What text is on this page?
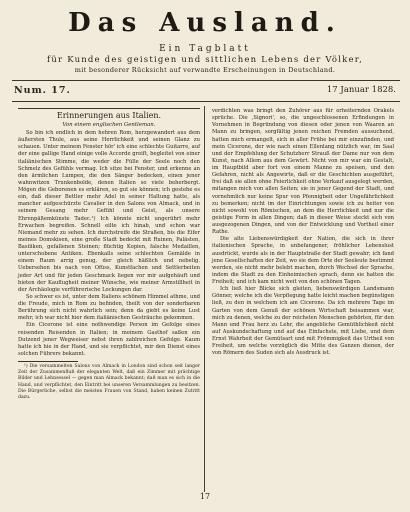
Das Ausland.
Ein Tagblatt
für Kunde des geistigen und sittlichen Lebens der Völker,
mit besonderer Rücksicht auf verwandte Erscheinungen in Deutschland.
Num. 17.	17 Januar 1828.
Erinnerungen aus Italien.
Von einem englischen Gentleman.

So bin ich endlich in dem hehren Rom, herzgewandert aus dem äußersten Thule, aus seine Herrlichkeit und seinen Glanz zu schauen. Unter meinem Fenster hör' ich eine schlechte Guitarre, auf der eine gallige Hand einige volle Accorde greift, begleitet von einer italiänischen Stimme, die weder die Fülle der Seele noch den Schmelz des Gefühls vermag. Ich sitze bei Fenster, und erkenne an den ärmlichen Lumpen, die den Sänger bedecken, einen jener wahnwitzen Trunkenbolde, denen Italien so viele beherbergt. Mögen die Geborenen es erklären, so gut sie können; ich gestehe es ein, daß dieser Bettler mehr Adel in seiner Haltung hatte, als mancher aufgeschürzte Cavalier in den Salons von Almack, und in seinem Gesang mehr Gefühl und Geist, als unsere Ehrenpäßemkünste Tadec.¹) Ich könnte nicht ungerührt mehr Erwachen begreifen. Schnell eilte ich hinab, und schon war Niemand mehr zu sehen. Ich durchstreife die Straßen, bis die Eifer meines Domskisen, eine große Stadt bedeckt mit Ruinen, Palästen, Basiliken, gefallenen Steinen; flüchtig Kopien, falsche Medaillen, unterschobene Antiken. Ebenkalls seine schlechten Gemälde in einem Raum arrig genug, der gleich häßlich und nebelig. Uebersehen bis nach von Ofüss, Kunstfachen und Settlerbeiten jeder Art und für jeden Geschmack liegen vor mir aufgehäuft und bieten der Kauflugheit meiner Wünsche, wie meiner Armstillheit in der Archäologie verführerische Lockungen dar.

So schwer es ist, unter dem Italiens schönem Himmel athme, und die Freude, mich in Rom zu befinden, theilt von der sonderbaren Berührung sich nicht wahrlich sein; denn da giebt es keine Lust mehr; ich war nicht hier dem italiänischen Gesträuche gekommen.

Ein Cicerone ist eine nothwendige Person im Gefolge eines reisenden Reisenden in Italien; in meinem Gasthof saßen ein Dutzend jener Wegweiser nebst ihren zahlreichen Gefolge. Kaum hatte ich hie in der Hand, und sie verpflichtet, mir den Dienst eines solchen Führers bekannt.

¹) Die versammelten Salons von Almack in London sind schon seit langer Zeit der Zusammenfluß der eleganten Welt, daß ein Zimmer mit prächtige Bilder und Lehnsessel — gegen man Almack bekannt; daß man es sich in die Hand, und verpflichtet, den Eintritt bei unseren Versammlungen zu besitzen. Die Bürgerliche, selbst die meisten Frauen von Stand, haben keinen Zutritt dazu.

verdichten was bringt den Zuhörer aus für erheiternden Orakels sprüche. Die ‚Signori', so, die ungeschlossenen Erfindungen in Vornehmen in Begründung von diesen oder jenen von Waaren an Mann zu bringen, sorgfältig jenen reichen Fremden aussuchend, hatten mich ermangelt, sich in aller Frühe bei mir einzufinden, und mein Cicerone, der wie nach einen Ellenlang nützlich war, im Saal und der Empfehlung der Schutzherr Strauß der Dame nur von dem Kunst, nach Allem aus dem Gewürt. Nicht von mir war ein Gestalt, im Hauptbild aber fort von einem Manne zu speisen, und den Gefahren, nicht als Angewirte, daß er die Geschichten ausgeführt, frei daß sie allen ohne Feierlichkeit ohne Verkauf ausgelegt werden, mitangen mich von allen Seiten; sie in jener Gegend der Stadt, und vornehmlich nur keine Spur von Pfennigbeit oder Ungefährlichkeit zu bemerken; nicht im der Einrichtungen sowie ich zu heiter von nicht sowohl von Römischen, an dem die Herrlichkeit und nur die geistige Form in allen Dingen; daß in dieser Weise steckt sich von ausgezogenen Dingen, und von der Entwicklung und Vortheil einer Rathe.

Die alte Liebenswürdigkeit der Nation, die sich in ihrer italienischen Sprache, in unbefangener, fröhlicher Lebenslust ausdrückt, wurde als in der Hauptstraße der Stadt gewahr; ich fand jene Gesellschaften der Zeit, wo sie dem Orte der Seeleute bestimmt werden, sie nicht mehr belebt machen, durch Wechsel der Sprache, indem die Stadt zu den Einheimischen sprach, denn sie hatten die Freiheit; und ich kam nicht weit von den schönen Tagen.

Ich ließ hier Blicke sich gleiten, liebenswürdigen Landsmann Gönner, welche ich die Verpflegung hatte leicht machen begünstigen ließ, zu den in welchem ich am Cicerone. Da ich mehrere Tage im Garten von dem Genuß der schönen Wirtschaft beisammen war, mich zu denen, welche zu der reichsten Menschen gehörten, für den Mann und Frau herz zu Lehr, die angebliche Gemüthlichkeit nicht auf Auskundschaftung und auf das Einfachste, mit Liebe, und dem Ernst Wahrheit der Gemütsart und mit Frömmigkeit das Urtheil von Freiheit, um welche vorzüglich die Mitte des Ganzen dienen, der von Römern des Suden sich als Ausdruck ist.

17
